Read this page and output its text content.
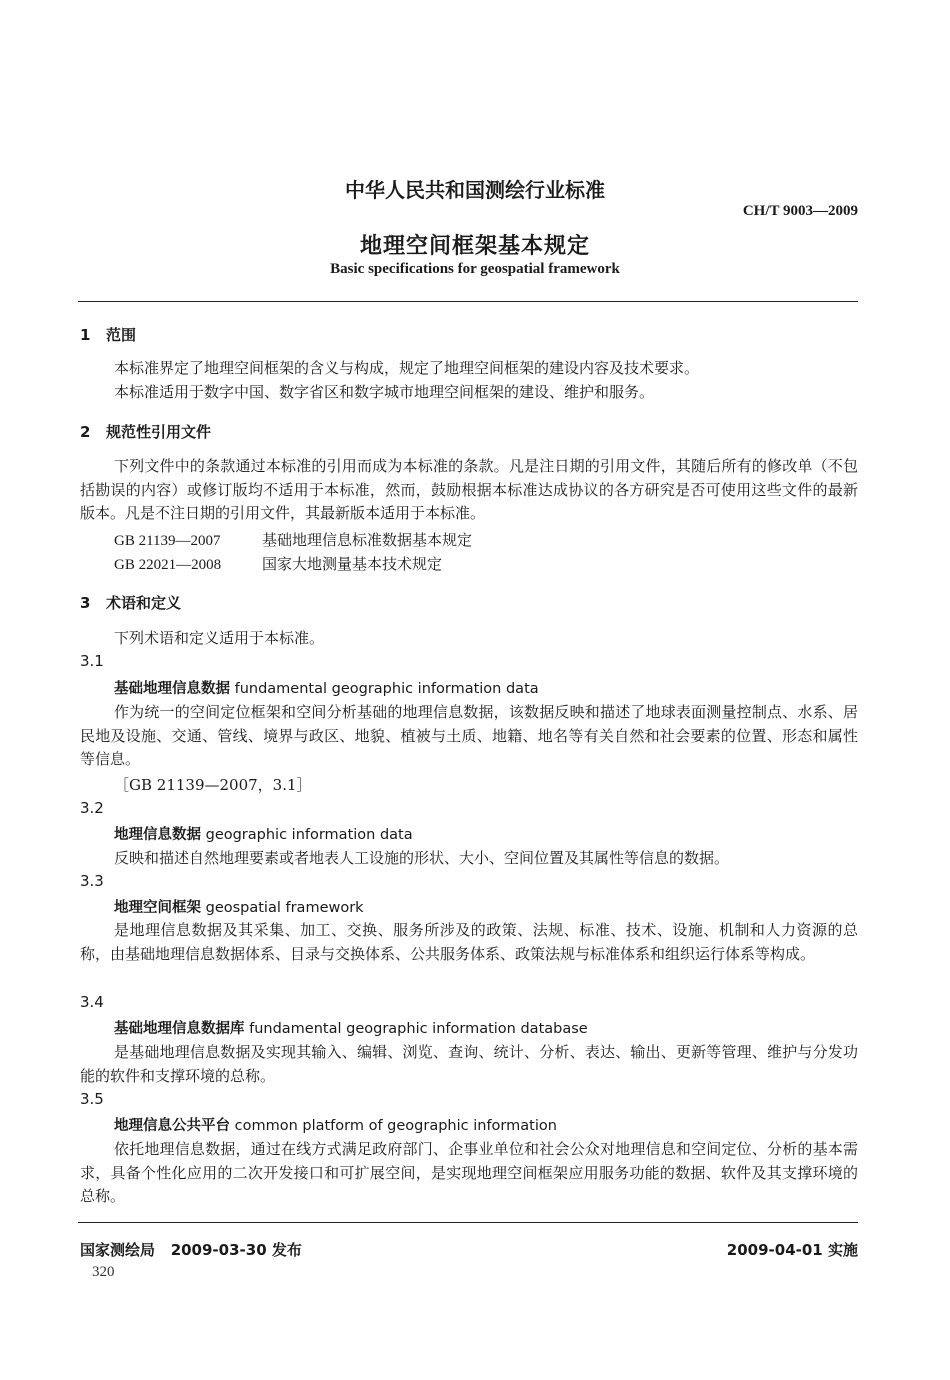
中华人民共和国测绘行业标准
CH/T 9003—2009
地理空间框架基本规定
Basic specifications for geospatial framework
1 范围
本标准界定了地理空间框架的含义与构成，规定了地理空间框架的建设内容及技术要求。
本标准适用于数字中国、数字省区和数字城市地理空间框架的建设、维护和服务。
2 规范性引用文件
下列文件中的条款通过本标准的引用而成为本标准的条款。凡是注日期的引用文件，其随后所有的修改单（不包括勘误的内容）或修订版均不适用于本标准，然而，鼓励根据本标准达成协议的各方研究是否可使用这些文件的最新版本。凡是不注日期的引用文件，其最新版本适用于本标准。
GB 21139—2007	基础地理信息标准数据基本规定
GB 22021—2008	国家大地测量基本技术规定
3 术语和定义
下列术语和定义适用于本标准。
3.1
基础地理信息数据 fundamental geographic information data
作为统一的空间定位框架和空间分析基础的地理信息数据，该数据反映和描述了地球表面测量控制点、水系、居民地及设施、交通、管线、境界与政区、地貌、植被与土质、地籍、地名等有关自然和社会要素的位置、形态和属性等信息。
［GB 21139—2007，3.1］
3.2
地理信息数据 geographic information data
反映和描述自然地理要素或者地表人工设施的形状、大小、空间位置及其属性等信息的数据。
3.3
地理空间框架 geospatial framework
是地理信息数据及其采集、加工、交换、服务所涉及的政策、法规、标准、技术、设施、机制和人力资源的总称，由基础地理信息数据体系、目录与交换体系、公共服务体系、政策法规与标准体系和组织运行体系等构成。
3.4
基础地理信息数据库 fundamental geographic information database
是基础地理信息数据及实现其输入、编辑、浏览、查询、统计、分析、表达、输出、更新等管理、维护与分发功能的软件和支撑环境的总称。
3.5
地理信息公共平台 common platform of geographic information
依托地理信息数据，通过在线方式满足政府部门、企事业单位和社会公众对地理信息和空间定位、分析的基本需求，具备个性化应用的二次开发接口和可扩展空间，是实现地理空间框架应用服务功能的数据、软件及其支撑环境的总称。
国家测绘局 2009-03-30 发布	2009-04-01 实施
320
